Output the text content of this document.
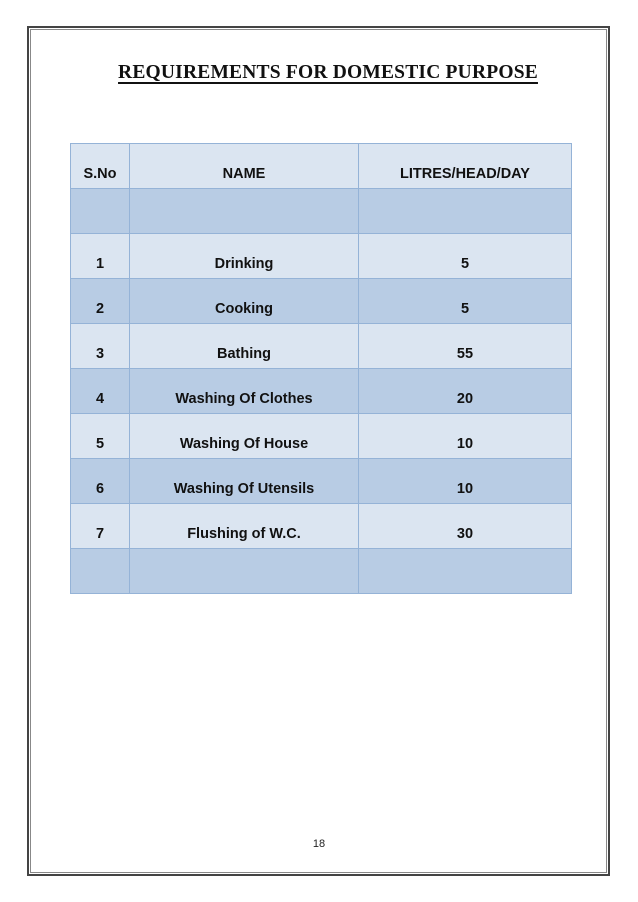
REQUIREMENTS FOR DOMESTIC PURPOSE
S.No	NAME	LITRES/HEAD/DAY

1	Drinking	5
2	Cooking	5
3	Bathing	55
4	Washing Of Clothes	20
5	Washing Of House	10
6	Washing Of Utensils	10
7	Flushing of W.C.	30

18
